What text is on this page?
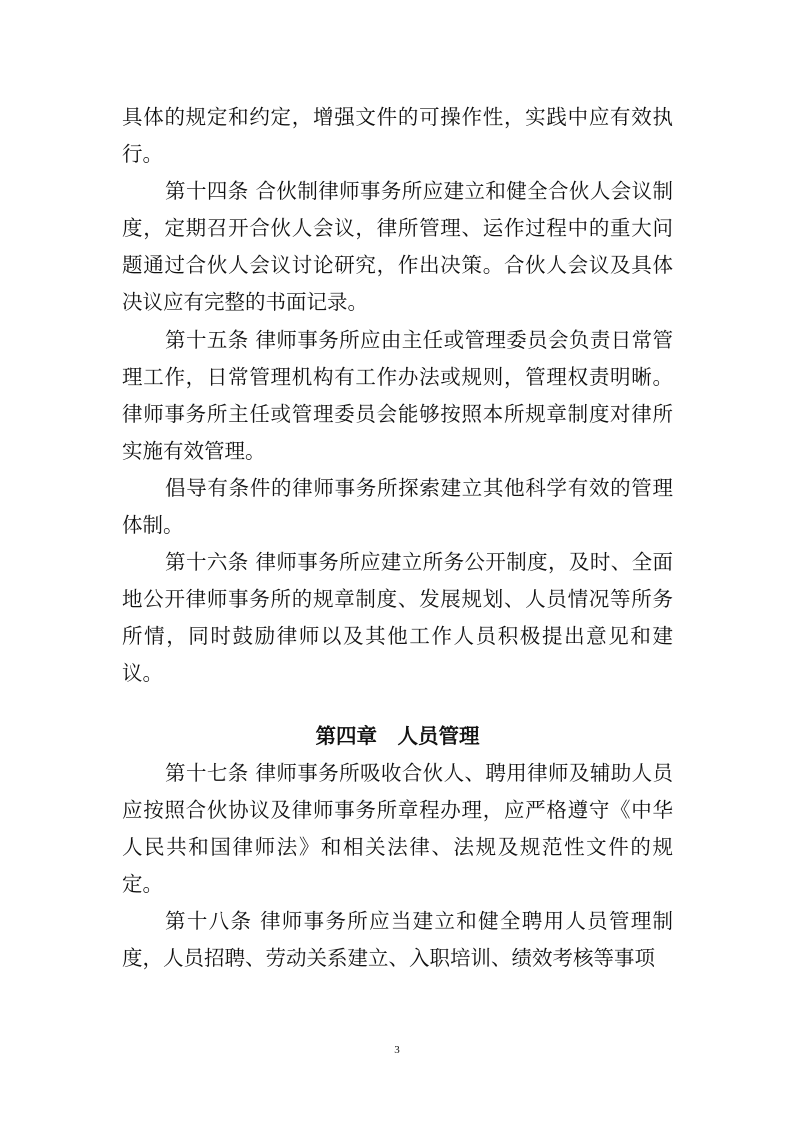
具体的规定和约定，增强文件的可操作性，实践中应有效执行。

第十四条 合伙制律师事务所应建立和健全合伙人会议制度，定期召开合伙人会议，律所管理、运作过程中的重大问题通过合伙人会议讨论研究，作出决策。合伙人会议及具体决议应有完整的书面记录。

第十五条 律师事务所应由主任或管理委员会负责日常管理工作，日常管理机构有工作办法或规则，管理权责明晰。律师事务所主任或管理委员会能够按照本所规章制度对律所实施有效管理。

倡导有条件的律师事务所探索建立其他科学有效的管理体制。

第十六条 律师事务所应建立所务公开制度，及时、全面地公开律师事务所的规章制度、发展规划、人员情况等所务所情，同时鼓励律师以及其他工作人员积极提出意见和建议。

第四章　人员管理

第十七条 律师事务所吸收合伙人、聘用律师及辅助人员应按照合伙协议及律师事务所章程办理，应严格遵守《中华人民共和国律师法》和相关法律、法规及规范性文件的规定。

第十八条 律师事务所应当建立和健全聘用人员管理制度，人员招聘、劳动关系建立、入职培训、绩效考核等事项

3
